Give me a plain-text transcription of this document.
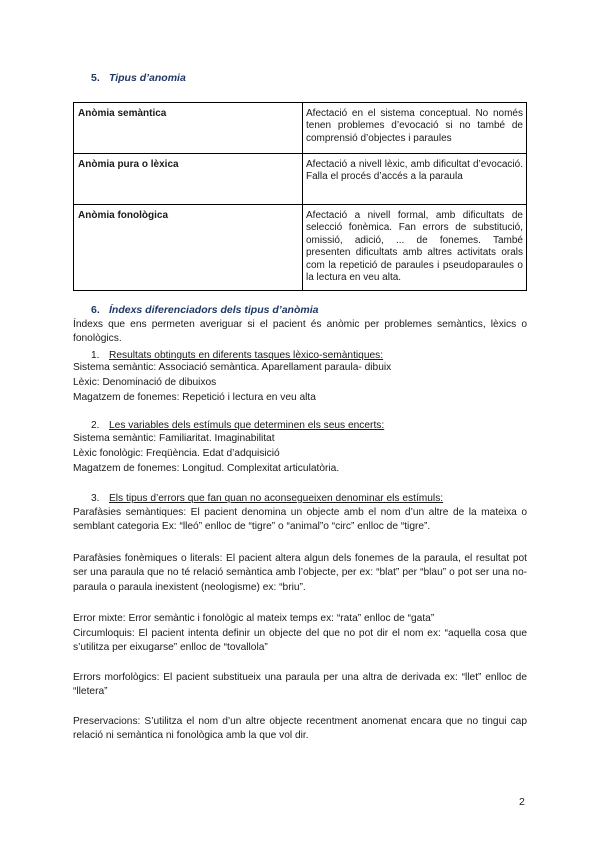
5. Tipus d’anomia
Anòmia semàntica	Afectació en el sistema conceptual. No només tenen problemes d’evocació si no també de comprensió d’objectes i paraules
Anòmia pura o lèxica	Afectació a nivell lèxic, amb dificultat d’evocació. Falla el procés d’accés a la paraula
Anòmia fonològica	Afectació a nivell formal, amb dificultats de selecció fonèmica. Fan errors de substitució, omissió, adició, ... de fonemes. També presenten dificultats amb altres activitats orals com la repetició de paraules i pseudoparaules o la lectura en veu alta.
6. Índexs diferenciadors dels tipus d’anòmia
Índexs que ens permeten averiguar si el pacient és anòmic per problemes semàntics, lèxics o fonològics.
1. Resultats obtinguts en diferents tasques lèxico-semàntiques:
Sistema semàntic: Associació semàntica. Aparellament paraula- dibuix
Lèxic: Denominació de dibuixos
Magatzem de fonemes: Repetició i lectura en veu alta
2. Les variables dels estímuls que determinen els seus encerts:
Sistema semàntic: Familiaritat. Imaginabilitat
Lèxic fonològic: Freqüència. Edat d’adquisició
Magatzem de fonemes: Longitud. Complexitat articulatòria.
3. Els tipus d’errors que fan quan no aconsegueixen denominar els estímuls:
Parafàsies semàntiques: El pacient denomina un objecte amb el nom d’un altre de la mateixa o semblant categoria Ex: “lleó” enlloc de “tigre” o “animal”o “circ” enlloc de “tigre”.
Parafàsies fonèmiques o literals: El pacient altera algun dels fonemes de la paraula, el resultat pot ser una paraula que no té relació semàntica amb l’objecte, per ex: “blat” per “blau” o pot ser una no-paraula o paraula inexistent (neologisme) ex: “briu”.
Error mixte: Error semàntic i fonològic al mateix temps ex: “rata” enlloc de “gata”
Circumloquis: El pacient intenta definir un objecte del que no pot dir el nom ex: “aquella cosa que s’utilitza per eixugarse” enlloc de “tovallola”
Errors morfològics: El pacient substitueix una paraula per una altra de derivada ex: “llet” enlloc de “lletera”
Preservacions: S’utilitza el nom d’un altre objecte recentment anomenat encara que no tingui cap relació ni semàntica ni fonològica amb la que vol dir.
2
